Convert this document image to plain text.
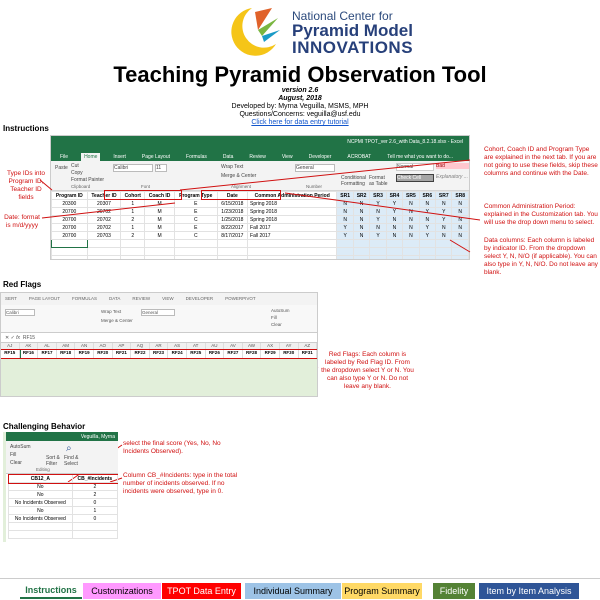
National Center for
Pyramid Model
INNOVATIONS
Teaching Pyramid Observation Tool
version 2.6
August, 2018
Developed by: Myrna Veguilla, MSMS, MPH
Questions/Concerns: veguilla@usf.edu
Click here for data entry tutorial
Instructions
NCPMI TPOT_ver 2.6_with Data_8.2.18.xlsx - Excel
File	Home	Insert	Page Layout	Formulas	Data	Review	View	Developer	ACROBAT	Tell me what you want to do...
Paste Cut
Copy
Format Painter
Clipboard
Calibri	11
Font
Wrap Text
Merge & Center
Alignment
General
Number
Conditional Formatting
Format as Table
Normal	Bad
Check Cell	Explanatory ...
Program ID	Teacher ID	Cohort	Coach ID	Program Type	Date	Common Administration Period	SR1	SR2	SR3	SR4	SR5	SR6	SR7	SR8
20300	20307	1	M	E	6/15/2018	Spring 2018	N	N	Y	Y	N	N	N	N
20700	20702	1	M	E	1/23/2018	Spring 2018	N	N	N	Y	N	Y	Y	N
20700	20702	2	M	C	1/25/2018	Spring 2018	N	N	Y	N	N	N	Y	N
20700	20702	1	M	E	8/22/2017	Fall 2017	Y	N	N	N	N	Y	N	N
20700	20703	2	M	C	8/17/2017	Fall 2017	Y	N	Y	N	N	Y	N	N

Type IDs into Program ID, Teacher ID fields
Date: format is m/d/yyyy
Cohort, Coach ID and Program Type are explained in the next tab. If you are not going to use these fields, skip these columns and continue with the Date.
Common Administration Period: explained in the Customization tab. You will use the drop down menu to select.
Data columns: Each column is labeled by indicator ID. From the dropdown select Y, N, N/O (if applicable). You can also type in Y, N, N/O. Do not leave any blank.
Red Flags
SERT	PAGE LAYOUT	FORMULAS	DATA	REVIEW	VIEW	DEVELOPER	POWERPIVOT
Calibri	Wrap Text
Merge & Center
General	AutoSum
Fill
Clear
✕ ✓ fx RF15
AJ	AK	AL	AM	AN	AO	AP	AQ	AR	AS	AT	AU	AV	AW	AX	AY	AZ
RF15	RF16	RF17	RF18	RF19	RF20	RF21	RF22	RF23	RF24	RF25	RF26	RF27	RF28	RF29	RF30	RF31	Red Flags: Each column is labeled by Red Flag ID. From the dropdown select Y or N. You can also type Y or N. Do not leave any blank.
Challenging Behavior
Veguilla, Myrna
AutoSum
Fill
Clear
Sort & Filter
Find & Select
⌕
Editing
CB12_A	CB_#Incidents
No	2
No	2
No Incidents Observed	0
No	1
No Incidents Observed	0

select the final score (Yes, No, No Incidents Observed).
Column CB_#Incidents: type in the total number of incidents observed. If no incidents were observed, type in 0.
Instructions Customizations TPOT Data Entry Individual Summary Program Summary Fidelity Item by Item Analysis
